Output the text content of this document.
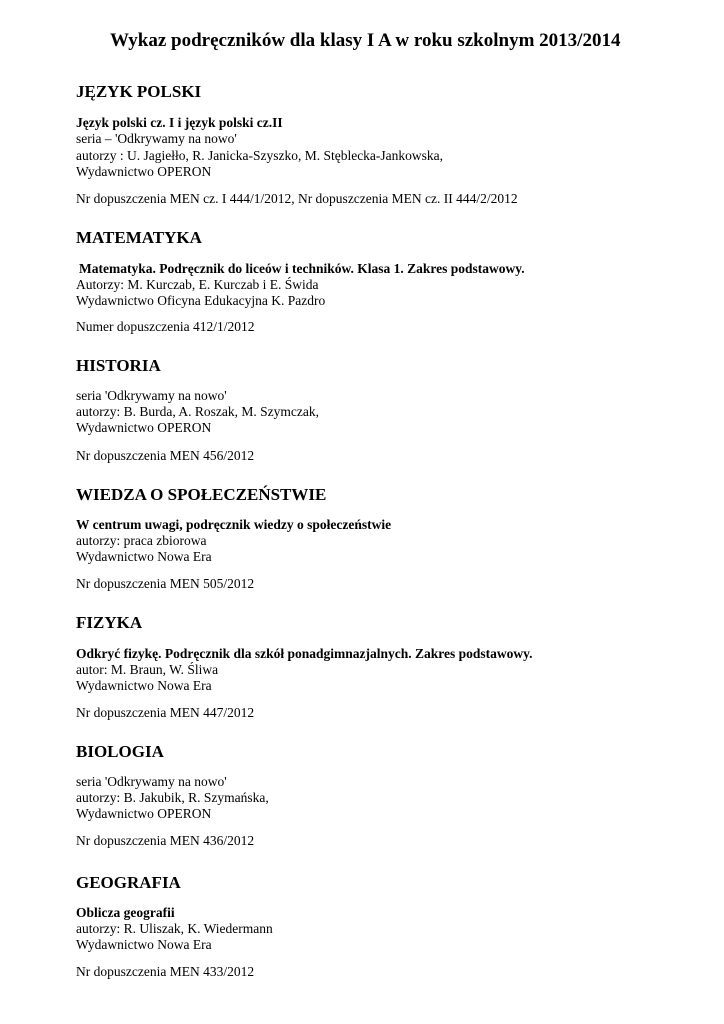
Wykaz podręczników dla klasy I A w roku szkolnym 2013/2014
JĘZYK POLSKI
Język polski cz. I i język polski cz.II
seria – 'Odkrywamy na nowo'
autorzy : U. Jagiełło, R. Janicka-Szyszko, M. Stęblecka-Jankowska,
Wydawnictwo OPERON
Nr dopuszczenia MEN cz. I 444/1/2012, Nr dopuszczenia MEN cz. II 444/2/2012
MATEMATYKA
Matematyka. Podręcznik do liceów i techników. Klasa 1. Zakres podstawowy.
Autorzy: M. Kurczab, E. Kurczab i E. Świda
Wydawnictwo Oficyna Edukacyjna K. Pazdro
Numer dopuszczenia 412/1/2012
HISTORIA
seria 'Odkrywamy na nowo'
autorzy: B. Burda, A. Roszak, M. Szymczak,
Wydawnictwo OPERON
Nr dopuszczenia MEN 456/2012
WIEDZA O SPOŁECZEŃSTWIE
W centrum uwagi, podręcznik wiedzy o społeczeństwie
autorzy: praca zbiorowa
Wydawnictwo Nowa Era
Nr dopuszczenia MEN 505/2012
FIZYKA
Odkryć fizykę. Podręcznik dla szkół ponadgimnazjalnych. Zakres podstawowy.
autor: M. Braun, W. Śliwa
Wydawnictwo Nowa Era
Nr dopuszczenia MEN 447/2012
BIOLOGIA
seria 'Odkrywamy na nowo'
autorzy: B. Jakubik, R. Szymańska,
Wydawnictwo OPERON
Nr dopuszczenia MEN 436/2012
GEOGRAFIA
Oblicza geografii
autorzy: R. Uliszak, K. Wiedermann
Wydawnictwo Nowa Era
Nr dopuszczenia MEN 433/2012
